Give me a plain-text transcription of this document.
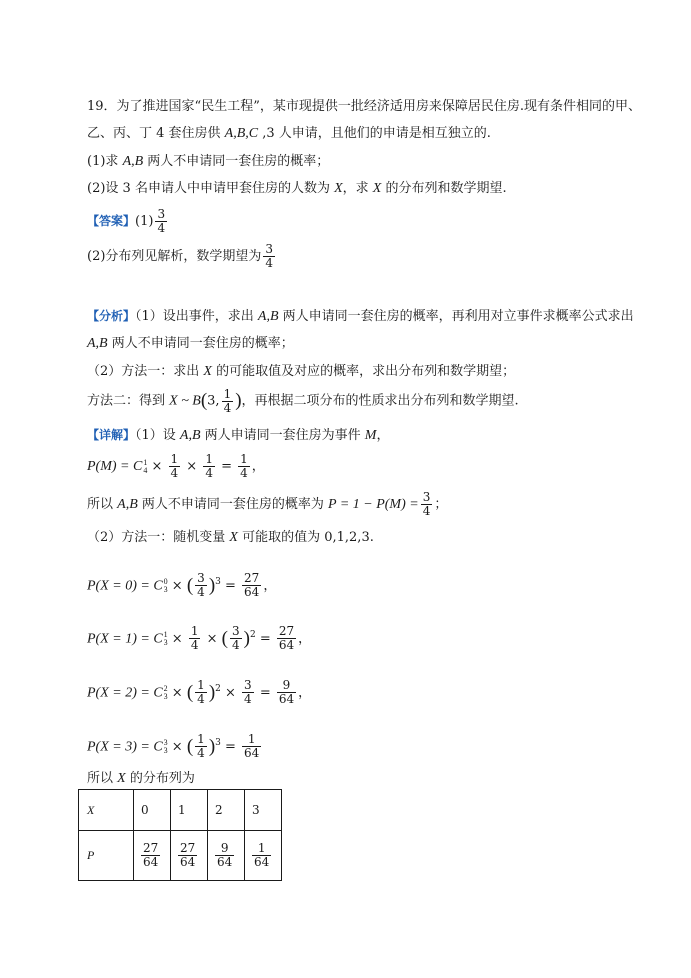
19．为了推进国家“民生工程”，某市现提供一批经济适用房来保障居民住房.现有条件相同的甲、
乙、丙、丁 4 套住房供 A,B,C ,3 人申请，且他们的申请是相互独立的.
(1)求 A,B 两人不申请同一套住房的概率；
(2)设 3 名申请人中申请甲套住房的人数为 X，求 X 的分布列和数学期望.
【答案】$(1) \frac{3}{4}$
(2)分布列见解析，数学期望为 $\frac{3}{4}$
【分析】（1）设出事件，求出 A,B 两人申请同一套住房的概率，再利用对立事件求概率公式求出
A,B 两人不申请同一套住房的概率；
（2）方法一：求出 X 的可能取值及对应的概率，求出分布列和数学期望；
方法二：得到 X ~ B(3, $\frac{1}{4}$ )，再根据二项分布的性质求出分布列和数学期望.
【详解】（1）设 A,B 两人申请同一套住房为事件 M，
P(M) = C 1
$4 \times \frac{1}{4} \times \frac{1}{4} = \frac{1}{4}$ ，
所以 A,B 两人不申请同一套住房的概率为 $P = 1 - P(M) = \frac{3}{4}$ ；
（2）方法一：随机变量 X 可能取的值为 0,1,2,3.
P(X = 0) = C 0
3 × ( $\frac{3}{4} )^3 = \frac{27}{64}$ ，
P(X = 1) = C 1
$3 \times \frac{1}{4}$ × ( $\frac{3}{4} )^2 = \frac{27}{64}$ ，
P(X = 2) = C 2
3 × ( $\frac{1}{4} )^2 \times \frac{3}{4} = \frac{9}{64}$ ，
P(X = 3) = C 3
3 × ( $\frac{1}{4} )^3 = \frac{1}{64}$
所以 X 的分布列为
X	0	1	2	3
P	$\frac{27}{64}$	$\frac{27}{64}$	$\frac{9}{64}$	$\frac{1}{64}$
